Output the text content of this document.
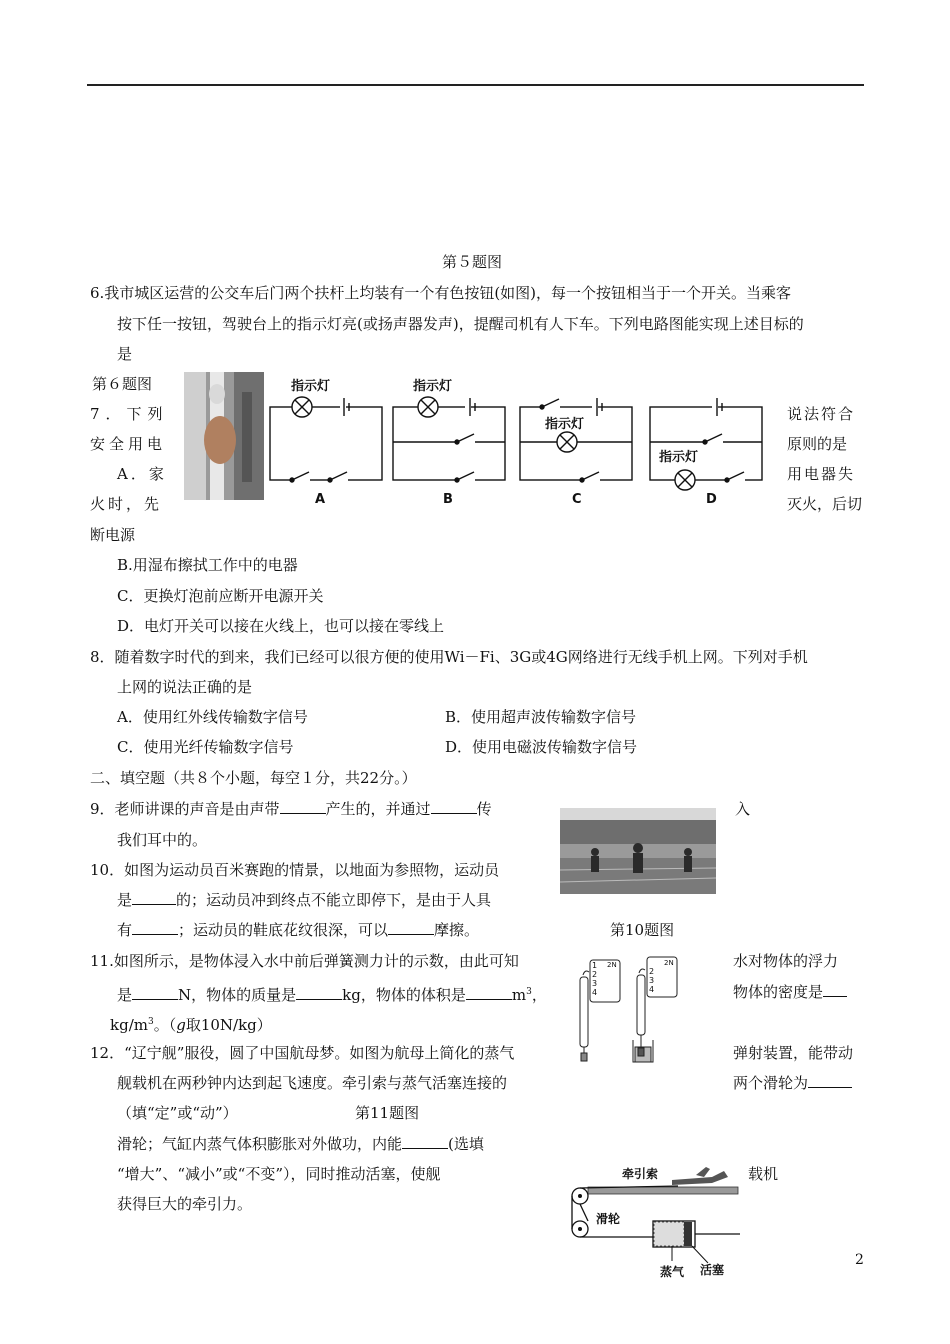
第５题图
6.我市城区运营的公交车后门两个扶杆上均装有一个有色按钮(如图)，每一个按钮相当于一个开关。当乘客
按下任一按钮，驾驶台上的指示灯亮(或扬声器发声)，提醒司机有人下车。下列电路图能实现上述目标的
是
第６题图	指示灯	指示灯
指示灯
指示灯
A	B	C	D
7．下列
安全用电
A．家
火时，先
说法符合
原则的是
用电器失
灭火，后切
断电源
B.用湿布擦拭工作中的电器
C．更换灯泡前应断开电源开关
D．电灯开关可以接在火线上，也可以接在零线上
8．随着数字时代的到来，我们已经可以很方便的使用Wi－Fi、3G或4G网络进行无线手机上网。下列对手机
上网的说法正确的是
A．使用红外线传输数字信号	B．使用超声波传输数字信号
C．使用光纤传输数字信号	D．使用电磁波传输数字信号
二、填空题（共８个小题，每空１分，共22分。）
9．老师讲课的声音是由声带	产生的，并通过	传	入
我们耳中的。
10．如图为运动员百米赛跑的情景，以地面为参照物，运动员
是	的；运动员冲到终点不能立即停下，是由于人具
有	；运动员的鞋底花纹很深，可以	摩擦。	第10题图
11.如图所示，是物体浸入水中前后弹簧测力计的示数，由此可知	水对物体的浮力
是	N，物体的质量是	kg，物体的体积是	$m^3$，	物体的密度是
$kg/m^3$。（g取10N/kg）
1
2
3
4
2N
2
3
4
2N
12．“辽宁舰”服役，圆了中国航母梦。如图为航母上简化的蒸气	弹射装置，能带动
舰载机在两秒钟内达到起飞速度。牵引索与蒸气活塞连接的	两个滑轮为
（填“定”或“动”）	第11题图
滑轮；气缸内蒸气体积膨胀对外做功，内能	(选填
“增大”、“减小”或“不变”），同时推动活塞，使舰	载机
获得巨大的牵引力。
牵引索
滑轮
蒸气 活塞
2
